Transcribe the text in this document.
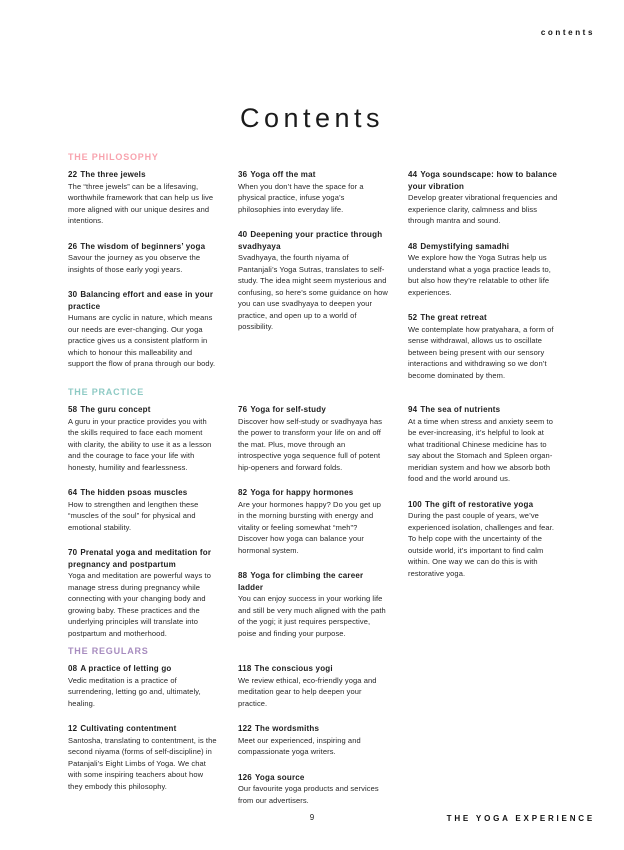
contents
Contents
THE PHILOSOPHY
22 The three jewels

The “three jewels” can be a lifesaving, worthwhile framework that can help us live more aligned with our unique desires and intentions.

26 The wisdom of beginners’ yoga

Savour the journey as you observe the insights of those early yogi years.

30 Balancing effort and ease in your practice

Humans are cyclic in nature, which means our needs are ever-changing. Our yoga practice gives us a consistent platform in which to honour this malleability and support the flow of prana through our body.

36 Yoga off the mat

When you don’t have the space for a physical practice, infuse yoga’s philosophies into everyday life.

40 Deepening your practice through svadhyaya

Svadhyaya, the fourth niyama of Pantanjali’s Yoga Sutras, translates to self-study. The idea might seem mysterious and confusing, so here’s some guidance on how you can use svadhyaya to deepen your practice, and open up to a world of possibility.

44 Yoga soundscape: how to balance your vibration

Develop greater vibrational frequencies and experience clarity, calmness and bliss through mantra and sound.

48 Demystifying samadhi

We explore how the Yoga Sutras help us understand what a yoga practice leads to, but also how they’re relatable to other life experiences.

52 The great retreat

We contemplate how pratyahara, a form of sense withdrawal, allows us to oscillate between being present with our sensory interactions and withdrawing so we don’t become dominated by them.

THE PRACTICE
58 The guru concept

A guru in your practice provides you with the skills required to face each moment with clarity, the ability to use it as a lesson and the courage to face your life with honesty, humility and fearlessness.

64 The hidden psoas muscles

How to strengthen and lengthen these “muscles of the soul” for physical and emotional stability.

70 Prenatal yoga and meditation for pregnancy and postpartum

Yoga and meditation are powerful ways to manage stress during pregnancy while connecting with your changing body and growing baby. These practices and the underlying principles will translate into postpartum and motherhood.

76 Yoga for self-study

Discover how self-study or svadhyaya has the power to transform your life on and off the mat. Plus, move through an introspective yoga sequence full of potent hip-openers and forward folds.

82 Yoga for happy hormones

Are your hormones happy? Do you get up in the morning bursting with energy and vitality or feeling somewhat “meh”? Discover how yoga can balance your hormonal system.

88 Yoga for climbing the career ladder

You can enjoy success in your working life and still be very much aligned with the path of the yogi; it just requires perspective, poise and finding your purpose.

94 The sea of nutrients

At a time when stress and anxiety seem to be ever-increasing, it’s helpful to look at what traditional Chinese medicine has to say about the Stomach and Spleen organ-meridian system and how we absorb both food and the world around us.

100 The gift of restorative yoga

During the past couple of years, we’ve experienced isolation, challenges and fear. To help cope with the uncertainty of the outside world, it’s important to find calm within. One way we can do this is with restorative yoga.

THE REGULARS
08 A practice of letting go

Vedic meditation is a practice of surrendering, letting go and, ultimately, healing.

12 Cultivating contentment

Santosha, translating to contentment, is the second niyama (forms of self-discipline) in Patanjali’s Eight Limbs of Yoga. We chat with some inspiring teachers about how they embody this philosophy.

118 The conscious yogi

We review ethical, eco-friendly yoga and meditation gear to help deepen your practice.

122 The wordsmiths

Meet our experienced, inspiring and compassionate yoga writers.

126 Yoga source

Our favourite yoga products and services from our advertisers.

9	THE YOGA EXPERIENCE
